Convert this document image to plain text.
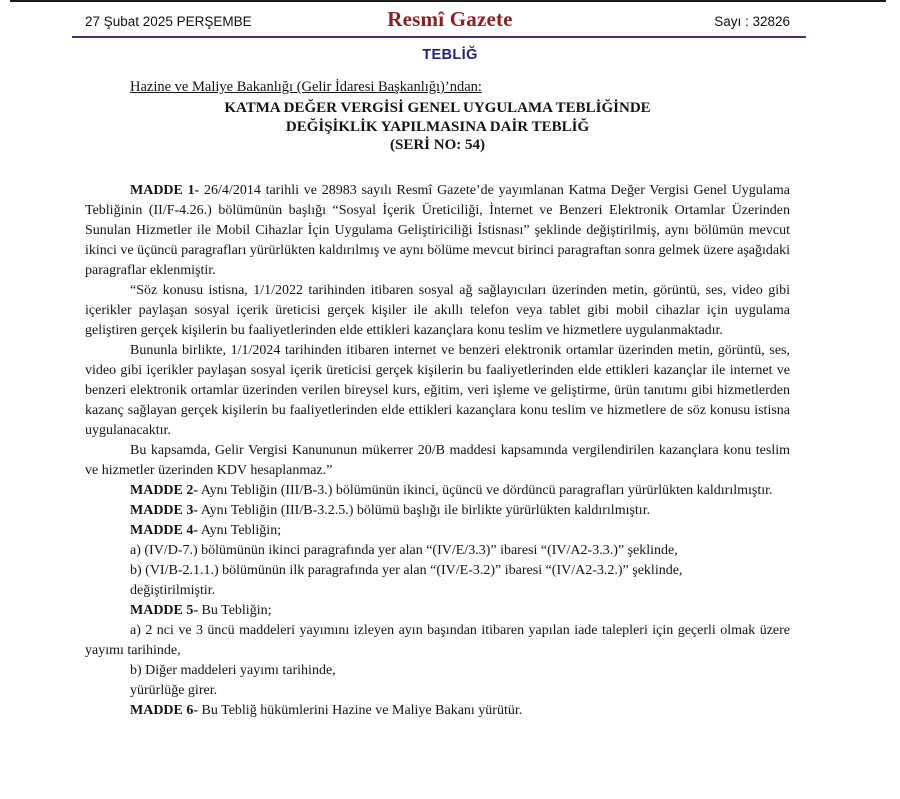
27 Şubat 2025 PERŞEMBE	Resmî Gazete	Sayı : 32826
TEBLİĞ

Hazine ve Maliye Bakanlığı (Gelir İdaresi Başkanlığı)’ndan:

KATMA DEĞER VERGİSİ GENEL UYGULAMA TEBLİĞİNDE
DEĞİŞİKLİK YAPILMASINA DAİR TEBLİĞ
(SERİ NO: 54)

MADDE 1- 26/4/2014 tarihli ve 28983 sayılı Resmî Gazete’de yayımlanan Katma Değer Vergisi Genel Uygulama Tebliğinin (II/F-4.26.) bölümünün başlığı “Sosyal İçerik Üreticiliği, İnternet ve Benzeri Elektronik Ortamlar Üzerinden Sunulan Hizmetler ile Mobil Cihazlar İçin Uygulama Geliştiriciliği İstisnası” şeklinde değiştirilmiş, aynı bölümün mevcut ikinci ve üçüncü paragrafları yürürlükten kaldırılmış ve aynı bölüme mevcut birinci paragraftan sonra gelmek üzere aşağıdaki paragraflar eklenmiştir.

“Söz konusu istisna, 1/1/2022 tarihinden itibaren sosyal ağ sağlayıcıları üzerinden metin, görüntü, ses, video gibi içerikler paylaşan sosyal içerik üreticisi gerçek kişiler ile akıllı telefon veya tablet gibi mobil cihazlar için uygulama geliştiren gerçek kişilerin bu faaliyetlerinden elde ettikleri kazançlara konu teslim ve hizmetlere uygulanmaktadır.

Bununla birlikte, 1/1/2024 tarihinden itibaren internet ve benzeri elektronik ortamlar üzerinden metin, görüntü, ses, video gibi içerikler paylaşan sosyal içerik üreticisi gerçek kişilerin bu faaliyetlerinden elde ettikleri kazançlar ile internet ve benzeri elektronik ortamlar üzerinden verilen bireysel kurs, eğitim, veri işleme ve geliştirme, ürün tanıtımı gibi hizmetlerden kazanç sağlayan gerçek kişilerin bu faaliyetlerinden elde ettikleri kazançlara konu teslim ve hizmetlere de söz konusu istisna uygulanacaktır.

Bu kapsamda, Gelir Vergisi Kanununun mükerrer 20/B maddesi kapsamında vergilendirilen kazançlara konu teslim ve hizmetler üzerinden KDV hesaplanmaz.”

MADDE 2- Aynı Tebliğin (III/B-3.) bölümünün ikinci, üçüncü ve dördüncü paragrafları yürürlükten kaldırılmıştır.

MADDE 3- Aynı Tebliğin (III/B-3.2.5.) bölümü başlığı ile birlikte yürürlükten kaldırılmıştır.

MADDE 4- Aynı Tebliğin;

a) (IV/D-7.) bölümünün ikinci paragrafında yer alan “(IV/E/3.3)” ibaresi “(IV/A2-3.3.)” şeklinde,

b) (VI/B-2.1.1.) bölümünün ilk paragrafında yer alan “(IV/E-3.2)” ibaresi “(IV/A2-3.2.)” şeklinde,

değiştirilmiştir.

MADDE 5- Bu Tebliğin;

a) 2 nci ve 3 üncü maddeleri yayımını izleyen ayın başından itibaren yapılan iade talepleri için geçerli olmak üzere yayımı tarihinde,

b) Diğer maddeleri yayımı tarihinde,

yürürlüğe girer.

MADDE 6- Bu Tebliğ hükümlerini Hazine ve Maliye Bakanı yürütür.
